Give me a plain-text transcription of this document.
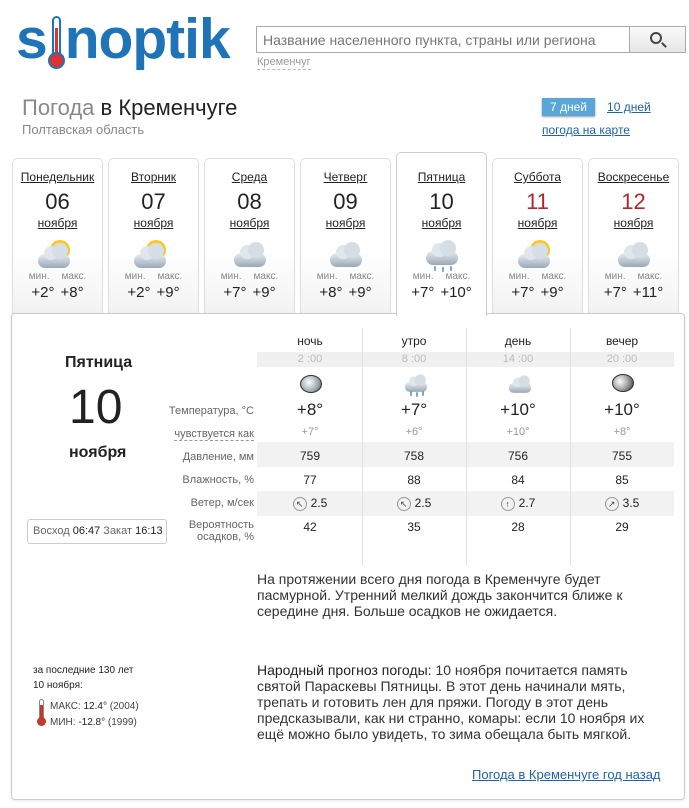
s noptik
Название населенного пункта, страны или региона Кременчуг
Погода в Кременчуге
Полтавская область
7 дней	10 дней
погода на карте
Понедельник
06
ноября
мин. макс.
+2° +8°
Вторник
07
ноября
мин. макс.
+2° +9°
Среда
08
ноября
мин. макс.
+7° +9°
Четверг
09
ноября
мин. макс.
+8° +9°
Пятница
10
ноября
мин. макс.
+7° +10°
Суббота
11
ноября
мин. макс.
+7° +9°
Воскресенье
12
ноября
мин. макс.
+7° +11°
Пятница
10
ноября
Восход 06:47 Закат 16:13
Температура, °C
чувствуется как
Давление, мм
Влажность, %
Ветер, м/сек
Вероятность
осадков, %
ночь
2 :00
+8°
+7°
759
77
↖ 2.5
42
утро
8 :00
+7°
+6°
758
88
↖ 2.5
35
день
14 :00
+10°
+10°
756
84
↑ 2.7
28
вечер
20 :00
+10°
+8°
755
85
↗ 3.5
29
На протяжении всего дня погода в Кременчуге будет пасмурной. Утренний мелкий дождь закончится ближе к середине дня. Больше осадков не ожидается.
Народный прогноз погоды: 10 ноября почитается память святой Параскевы Пятницы. В этот день начинали мять, трепать и готовить лен для пряжи. Погоду в этот день предсказывали, как ни странно, комары: если 10 ноября их ещё можно было увидеть, то зима обещала быть мягкой.
за последние 130 лет
10 ноября:
МАКС: 12.4° (2004)
МИН: -12.8° (1999)
Погода в Кременчуге год назад
